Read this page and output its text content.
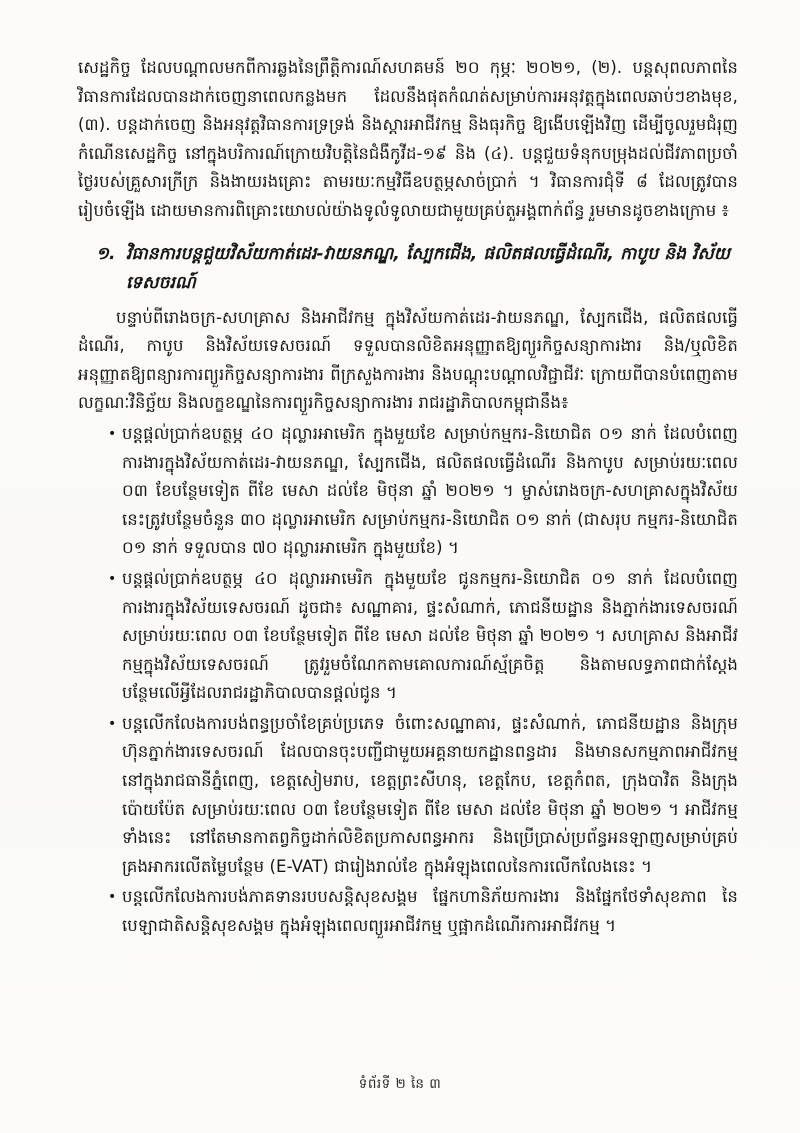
សេដ្ឋកិច្ច ដែលបណ្តាលមកពីការឆ្លងនៃព្រឹត្តិការណ៍សហគមន៍ ២០ កុម្ភៈ ២០២១, (២). បន្តសុពលភាពនៃវិធានការដែលបានដាក់ចេញនាពេលកន្លងមក ដែលនឹងផុតកំណត់សម្រាប់ការអនុវត្តក្នុងពេលឆាប់ៗខាងមុខ, (៣). បន្តដាក់ចេញ និងអនុវត្តវិធានការទ្រទ្រង់ និងស្តារអាជីវកម្ម និងធុរកិច្ច ឱ្យងើបឡើងវិញ ដើម្បីចូលរួមជំរុញកំណើនសេដ្ឋកិច្ច នៅក្នុងបរិការណ៍ក្រោយវិបត្តិនៃជំងឺកូវីដ-១៩ និង (៤). បន្តជួយទំនុកបម្រុងដល់ជីវភាពប្រចាំថ្ងៃរបស់គ្រួសារក្រីក្រ និងងាយរងគ្រោះ តាមរយៈកម្មវិធីឧបត្ថម្ភសាច់ប្រាក់ ។ វិធានការជុំទី ៨ ដែលត្រូវបានរៀបចំឡើង ដោយមានការពិគ្រោះយោបល់យ៉ាងទូលំទូលាយជាមួយគ្រប់តួអង្គពាក់ព័ន្ធ រួមមានដូចខាងក្រោម ៖

១. វិធានការបន្តជួយវិស័យកាត់ដេរ-វាយនភណ្ឌ, ស្បែកជើង, ផលិតផលធ្វើដំណើរ, កាបូប និង វិស័យទេសចរណ៍

បន្ទាប់ពីរោងចក្រ-សហគ្រាស និងអាជីវកម្ម ក្នុងវិស័យកាត់ដេរ-វាយនភណ្ឌ, ស្បែកជើង, ផលិតផលធ្វើដំណើរ, កាបូប និងវិស័យទេសចរណ៍ ទទួលបានលិខិតអនុញ្ញាតឱ្យព្យួរកិច្ចសន្យាការងារ និង/ឬលិខិតអនុញ្ញាតឱ្យពន្យារការព្យួរកិច្ចសន្យាការងារ ពីក្រសួងការងារ និងបណ្តុះបណ្តាលវិជ្ជាជីវៈ ក្រោយពីបានបំពេញតាមលក្ខណៈវិនិច្ឆ័យ និងលក្ខខណ្ឌនៃការព្យួរកិច្ចសន្យាការងារ រាជរដ្ឋាភិបាលកម្ពុជានឹង៖

• បន្តផ្តល់ប្រាក់ឧបត្ថម្ភ ៤០ ដុល្លារអាមេរិក ក្នុងមួយខែ សម្រាប់កម្មករ-និយោជិត ០១ នាក់ ដែលបំពេញការងារក្នុងវិស័យកាត់ដេរ-វាយនភណ្ឌ, ស្បែកជើង, ផលិតផលធ្វើដំណើរ និងកាបូប សម្រាប់រយៈពេល ០៣ ខែបន្ថែមទៀត ពីខែ មេសា ដល់ខែ មិថុនា ឆ្នាំ ២០២១ ។ ម្ចាស់រោងចក្រ-សហគ្រាសក្នុងវិស័យនេះត្រូវបន្ថែមចំនួន ៣០ ដុល្លារអាមេរិក សម្រាប់កម្មករ-និយោជិត ០១ នាក់ (ជាសរុប កម្មករ-និយោជិត ០១ នាក់ ទទួលបាន ៧០ ដុល្លារអាមេរិក ក្នុងមួយខែ) ។
• បន្តផ្តល់ប្រាក់ឧបត្ថម្ភ ៤០ ដុល្លារអាមេរិក ក្នុងមួយខែ ជូនកម្មករ-និយោជិត ០១ នាក់ ដែលបំពេញការងារក្នុងវិស័យទេសចរណ៍ ដូចជា៖ សណ្ឋាគារ, ផ្ទះសំណាក់, ភោជនីយដ្ឋាន និងភ្នាក់ងារទេសចរណ៍ សម្រាប់រយៈពេល ០៣ ខែបន្ថែមទៀត ពីខែ មេសា ដល់ខែ មិថុនា ឆ្នាំ ២០២១ ។ សហគ្រាស និងអាជីវកម្មក្នុងវិស័យទេសចរណ៍ ត្រូវរួមចំណែកតាមគោលការណ៍ស្ម័គ្រចិត្ត និងតាមលទ្ធភាពជាក់ស្តែង បន្ថែមលើអ្វីដែលរាជរដ្ឋាភិបាលបានផ្តល់ជូន ។
• បន្តលើកលែងការបង់ពន្ធប្រចាំខែគ្រប់ប្រភេទ ចំពោះសណ្ឋាគារ, ផ្ទះសំណាក់, ភោជនីយដ្ឋាន និងក្រុមហ៊ុនភ្នាក់ងារទេសចរណ៍ ដែលបានចុះបញ្ជីជាមួយអគ្គនាយកដ្ឋានពន្ធដារ និងមានសកម្មភាពអាជីវកម្ម នៅក្នុងរាជធានីភ្នំពេញ, ខេត្តសៀមរាប, ខេត្តព្រះសីហនុ, ខេត្តកែប, ខេត្តកំពត, ក្រុងបាវិត និងក្រុងប៉ោយប៉ែត សម្រាប់រយៈពេល ០៣ ខែបន្ថែមទៀត ពីខែ មេសា ដល់ខែ មិថុនា ឆ្នាំ ២០២១ ។ អាជីវកម្មទាំងនេះ នៅតែមានកាតព្វកិច្ចដាក់លិខិតប្រកាសពន្ធអាករ និងប្រើប្រាស់ប្រព័ន្ធអនឡាញសម្រាប់គ្រប់គ្រងអាករលើតម្លៃបន្ថែម (E-VAT) ជារៀងរាល់ខែ ក្នុងអំឡុងពេលនៃការលើកលែងនេះ ។
• បន្តលើកលែងការបង់ភាគទានរបបសន្តិសុខសង្គម ផ្នែកហានិភ័យការងារ និងផ្នែកថែទាំសុខភាព នៃបេឡាជាតិសន្តិសុខសង្គម ក្នុងអំឡុងពេលព្យួរអាជីវកម្ម ឬផ្អាកដំណើរការអាជីវកម្ម ។
ទំព័រទី ២ នៃ ៣
